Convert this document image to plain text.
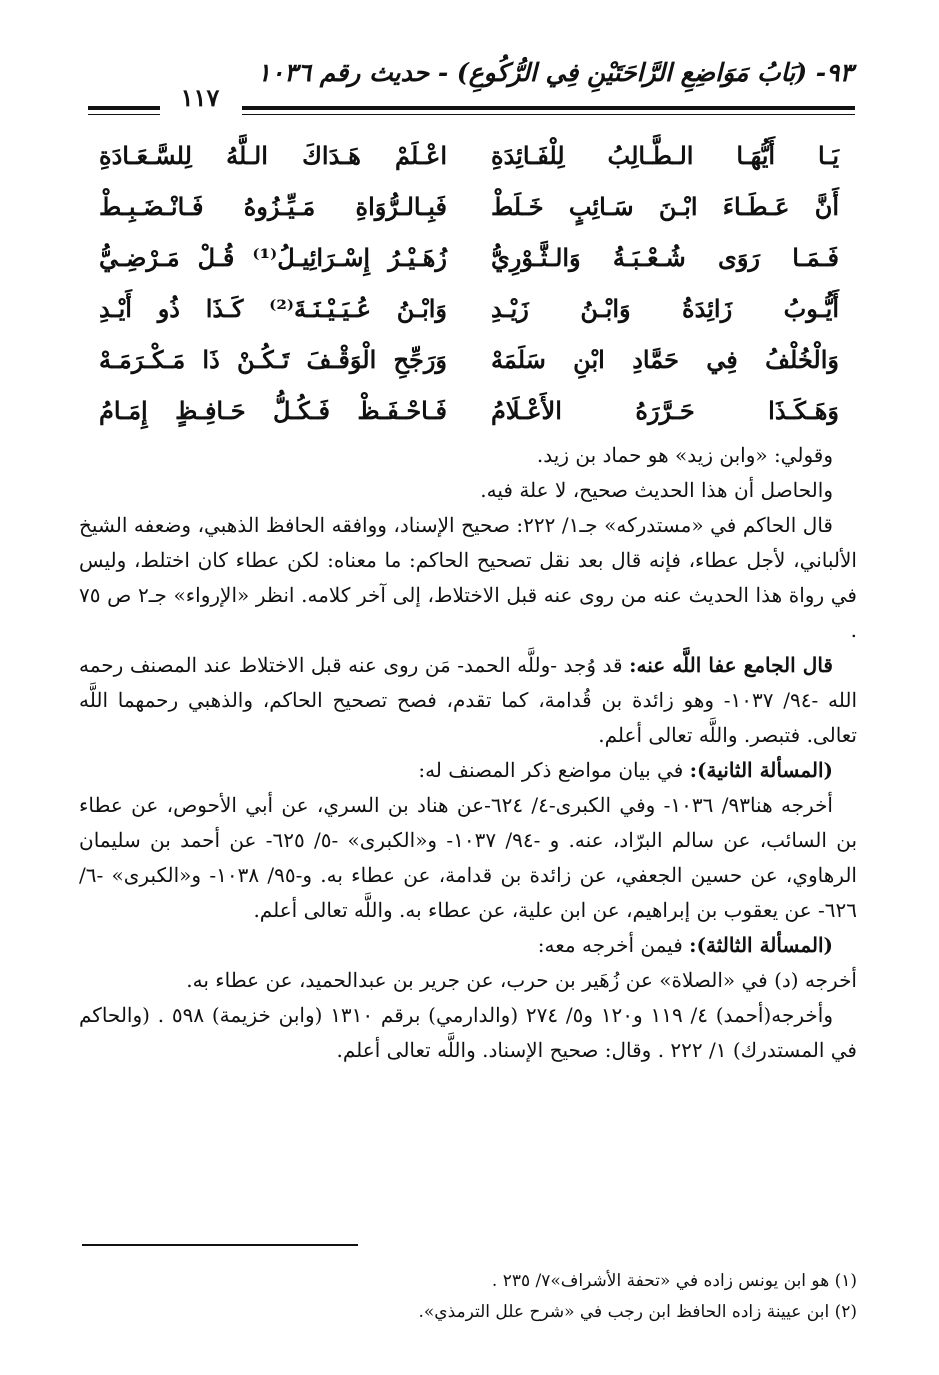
٩٣- (بَابُ مَوَاضِعِ الرَّاحَتَيْنِ فِي الرُّكُوعِ) - حديث رقم ١٠٣٦
١١٧
يَـا أَيُّهَـا الـطَّـالِبُ لِلْفَـائِدَةِ
اعْـلَمْ هَـدَاكَ الـلَّهُ لِلسَّـعَـادَةِ
أَنَّ عَـطَـاءَ ابْـنَ سَـائِبٍ خَـلَطْ
فَبِـالـرُّوَاةِ مَـيِّـزُوهُ فَـانْـضَـبِـطْ
فَـمَـا رَوَى شُـعْـبَـةُ وَالـثَّـوْرِيُّ
زُهَـيْـرُ إِسْـرَائِيـلُ⁽¹⁾ قُـلْ مَـرْضِـيُّ
أَيُّـوبُ زَائِدَةُ وَابْـنُ زَيْـدِ
وَابْـنُ عُـيَـيْـنَـةَ⁽²⁾ كَـذَا ذُو أَيْـدِ
وَالْخُلْفُ فِي حَمَّادِ ابْنِ سَلَمَهْ
وَرَجِّحِ الْوَقْـفَ تَـكُـنْ ذَا مَـكْـرَمَـهْ
وَهَـكَـذَا حَـرَّرَهُ الأَعْـلَامُ
فَـاحْـفَـظْ فَـكُـلُّ حَـافِـظٍ إِمَـامُ

وقولي: «وابن زيد» هو حماد بن زيد.

والحاصل أن هذا الحديث صحيح، لا علة فيه.

قال الحاكم في «مستدركه» جـ١/ ٢٢٢: صحيح الإسناد، ووافقه الحافظ الذهبي، وضعفه الشيخ الألباني، لأجل عطاء، فإنه قال بعد نقل تصحيح الحاكم: ما معناه: لكن عطاء كان اختلط، وليس في رواة هذا الحديث عنه من روى عنه قبل الاختلاط، إلى آخر كلامه. انظر «الإرواء» جـ٢ ص ٧٥ .

قال الجامع عفا اللَّه عنه: قد وُجد -وللَّه الحمد- مَن روى عنه قبل الاختلاط عند المصنف رحمه الله -٩٤/ ١٠٣٧- وهو زائدة بن قُدامة، كما تقدم، فصح تصحيح الحاكم، والذهبي رحمهما اللَّه تعالى. فتبصر. واللَّه تعالى أعلم.

(المسألة الثانية): في بيان مواضع ذكر المصنف له:

أخرجه هنا٩٣/ ١٠٣٦- وفي الكبرى-٤/ ٦٢٤-عن هناد بن السري، عن أبي الأحوص، عن عطاء بن السائب، عن سالم البرّاد، عنه. و -٩٤/ ١٠٣٧- و«الكبرى» -٥/ ٦٢٥- عن أحمد بن سليمان الرهاوي، عن حسين الجعفي، عن زائدة بن قدامة، عن عطاء به. و-٩٥/ ١٠٣٨- و«الكبرى» -٦/ ٦٢٦- عن يعقوب بن إبراهيم، عن ابن علية، عن عطاء به. واللَّه تعالى أعلم.

(المسألة الثالثة): فيمن أخرجه معه:

أخرجه (د) في «الصلاة» عن زُهَير بن حرب، عن جرير بن عبدالحميد، عن عطاء به.

وأخرجه(أحمد) ٤/ ١١٩ و١٢٠ و٥/ ٢٧٤ (والدارمي) برقم ١٣١٠ (وابن خزيمة) ٥٩٨ . (والحاكم في المستدرك) ١/ ٢٢٢ . وقال: صحيح الإسناد. واللَّه تعالى أعلم.

(١) هو ابن يونس زاده في «تحفة الأشراف»٧/ ٢٣٥ .

(٢) ابن عيينة زاده الحافظ ابن رجب في «شرح علل الترمذي».
